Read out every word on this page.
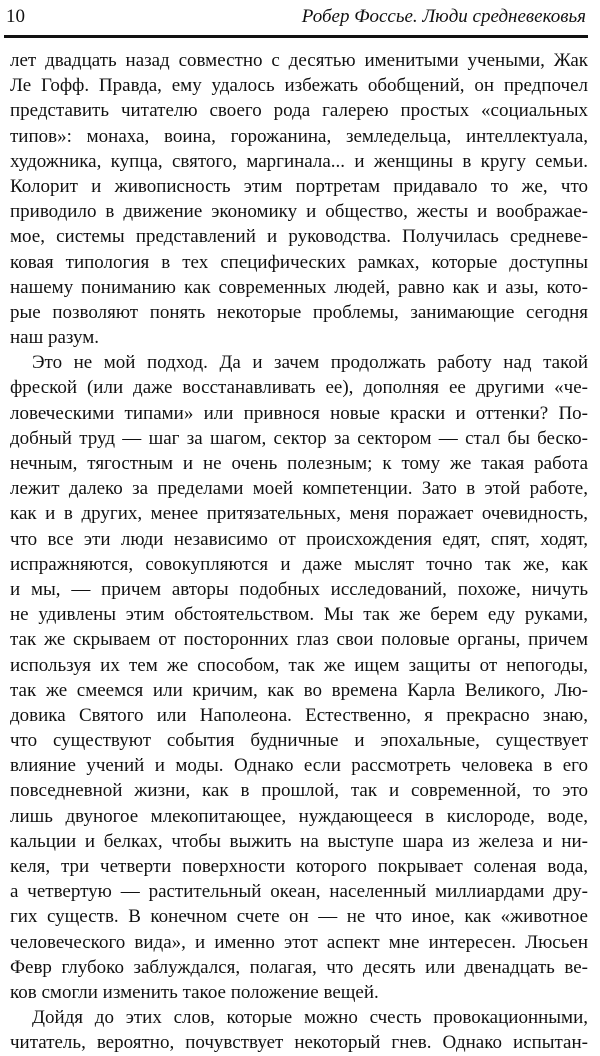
10	Робер Фоссье. Люди средневековья
лет двадцать назад совместно с десятью именитыми учеными, Жак
Ле Гофф. Правда, ему удалось избежать обобщений, он предпочел
представить читателю своего рода галерею простых «социальных
типов»: монаха, воина, горожанина, земледельца, интеллектуала,
художника, купца, святого, маргинала... и женщины в кругу семьи.
Колорит и живописность этим портретам придавало то же, что
приводило в движение экономику и общество, жесты и воображае-
мое, системы представлений и руководства. Получилась средневе-
ковая типология в тех специфических рамках, которые доступны
нашему пониманию как современных людей, равно как и азы, кото-
рые позволяют понять некоторые проблемы, занимающие сегодня
наш разум.
Это не мой подход. Да и зачем продолжать работу над такой
фреской (или даже восстанавливать ее), дополняя ее другими «че-
ловеческими типами» или привнося новые краски и оттенки? По-
добный труд — шаг за шагом, сектор за сектором — стал бы беско-
нечным, тягостным и не очень полезным; к тому же такая работа
лежит далеко за пределами моей компетенции. Зато в этой работе,
как и в других, менее притязательных, меня поражает очевидность,
что все эти люди независимо от происхождения едят, спят, ходят,
испражняются, совокупляются и даже мыслят точно так же, как
и мы, — причем авторы подобных исследований, похоже, ничуть
не удивлены этим обстоятельством. Мы так же берем еду руками,
так же скрываем от посторонних глаз свои половые органы, причем
используя их тем же способом, так же ищем защиты от непогоды,
так же смеемся или кричим, как во времена Карла Великого, Лю-
довика Святого или Наполеона. Естественно, я прекрасно знаю,
что существуют события будничные и эпохальные, существует
влияние учений и моды. Однако если рассмотреть человека в его
повседневной жизни, как в прошлой, так и современной, то это
лишь двуногое млекопитающее, нуждающееся в кислороде, воде,
кальции и белках, чтобы выжить на выступе шара из железа и ни-
келя, три четверти поверхности которого покрывает соленая вода,
а четвертую — растительный океан, населенный миллиардами дру-
гих существ. В конечном счете он — не что иное, как «животное
человеческого вида», и именно этот аспект мне интересен. Люсьен
Февр глубоко заблуждался, полагая, что десять или двенадцать ве-
ков смогли изменить такое положение вещей.
Дойдя до этих слов, которые можно счесть провокационными,
читатель, вероятно, почувствует некоторый гнев. Однако испытан-
